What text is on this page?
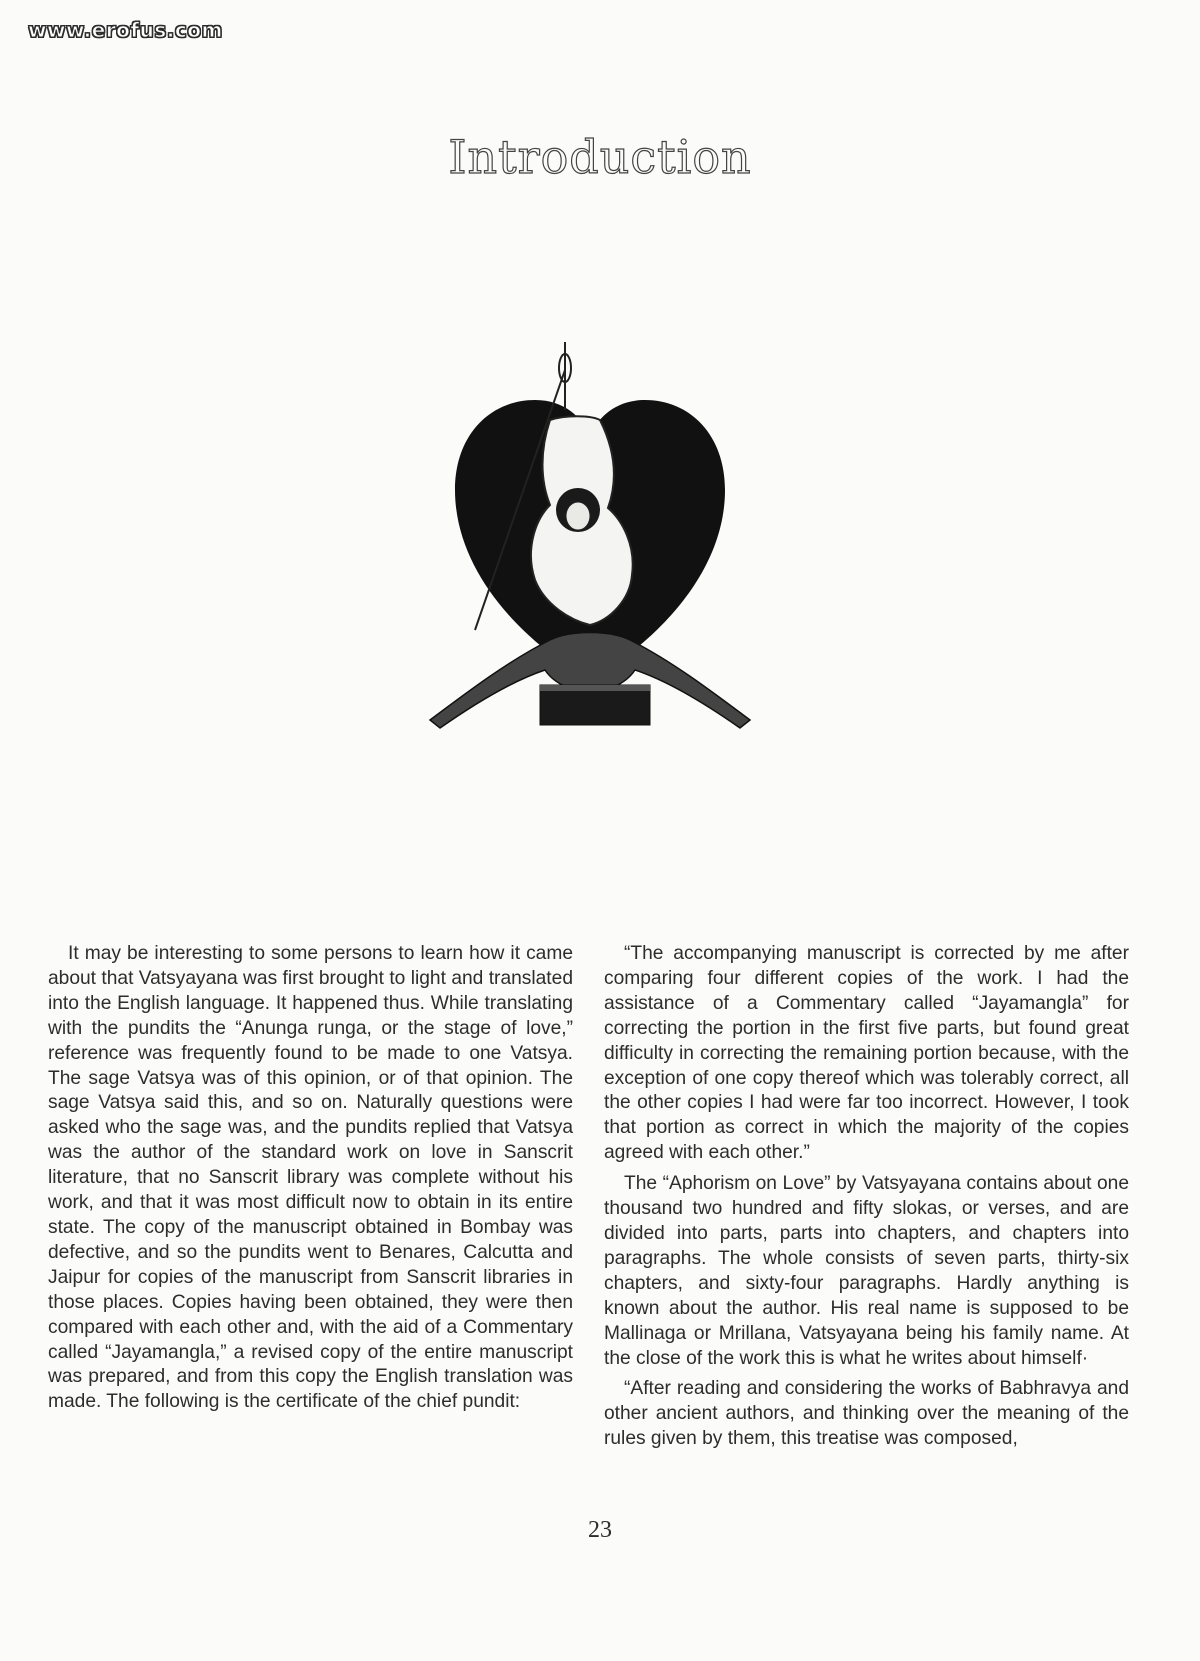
www.erofus.com
Introduction

It may be interesting to some persons to learn how it came about that Vatsyayana was first brought to light and translated into the English language. It happened thus. While translating with the pundits the “Anunga runga, or the stage of love,” reference was frequently found to be made to one Vatsya. The sage Vatsya was of this opinion, or of that opinion. The sage Vatsya said this, and so on. Naturally questions were asked who the sage was, and the pundits replied that Vatsya was the author of the standard work on love in Sanscrit literature, that no Sanscrit library was complete without his work, and that it was most difficult now to obtain in its entire state. The copy of the manuscript obtained in Bombay was defective, and so the pundits went to Benares, Calcutta and Jaipur for copies of the manuscript from Sanscrit libraries in those places. Copies having been obtained, they were then compared with each other and, with the aid of a Commentary called “Jayamangla,” a revised copy of the entire manuscript was prepared, and from this copy the English translation was made. The following is the certificate of the chief pundit:

“The accompanying manuscript is corrected by me after comparing four different copies of the work. I had the assistance of a Commentary called “Jayamangla” for correcting the portion in the first five parts, but found great difficulty in correcting the remaining portion because, with the exception of one copy thereof which was tolerably correct, all the other copies I had were far too incorrect. However, I took that portion as correct in which the majority of the copies agreed with each other.”

The “Aphorism on Love” by Vatsyayana contains about one thousand two hundred and fifty slokas, or verses, and are divided into parts, parts into chapters, and chapters into paragraphs. The whole consists of seven parts, thirty-six chapters, and sixty-four paragraphs. Hardly anything is known about the author. His real name is supposed to be Mallinaga or Mrillana, Vatsyayana being his family name. At the close of the work this is what he writes about himself·

“After reading and considering the works of Babhravya and other ancient authors, and thinking over the meaning of the rules given by them, this treatise was composed,

23
